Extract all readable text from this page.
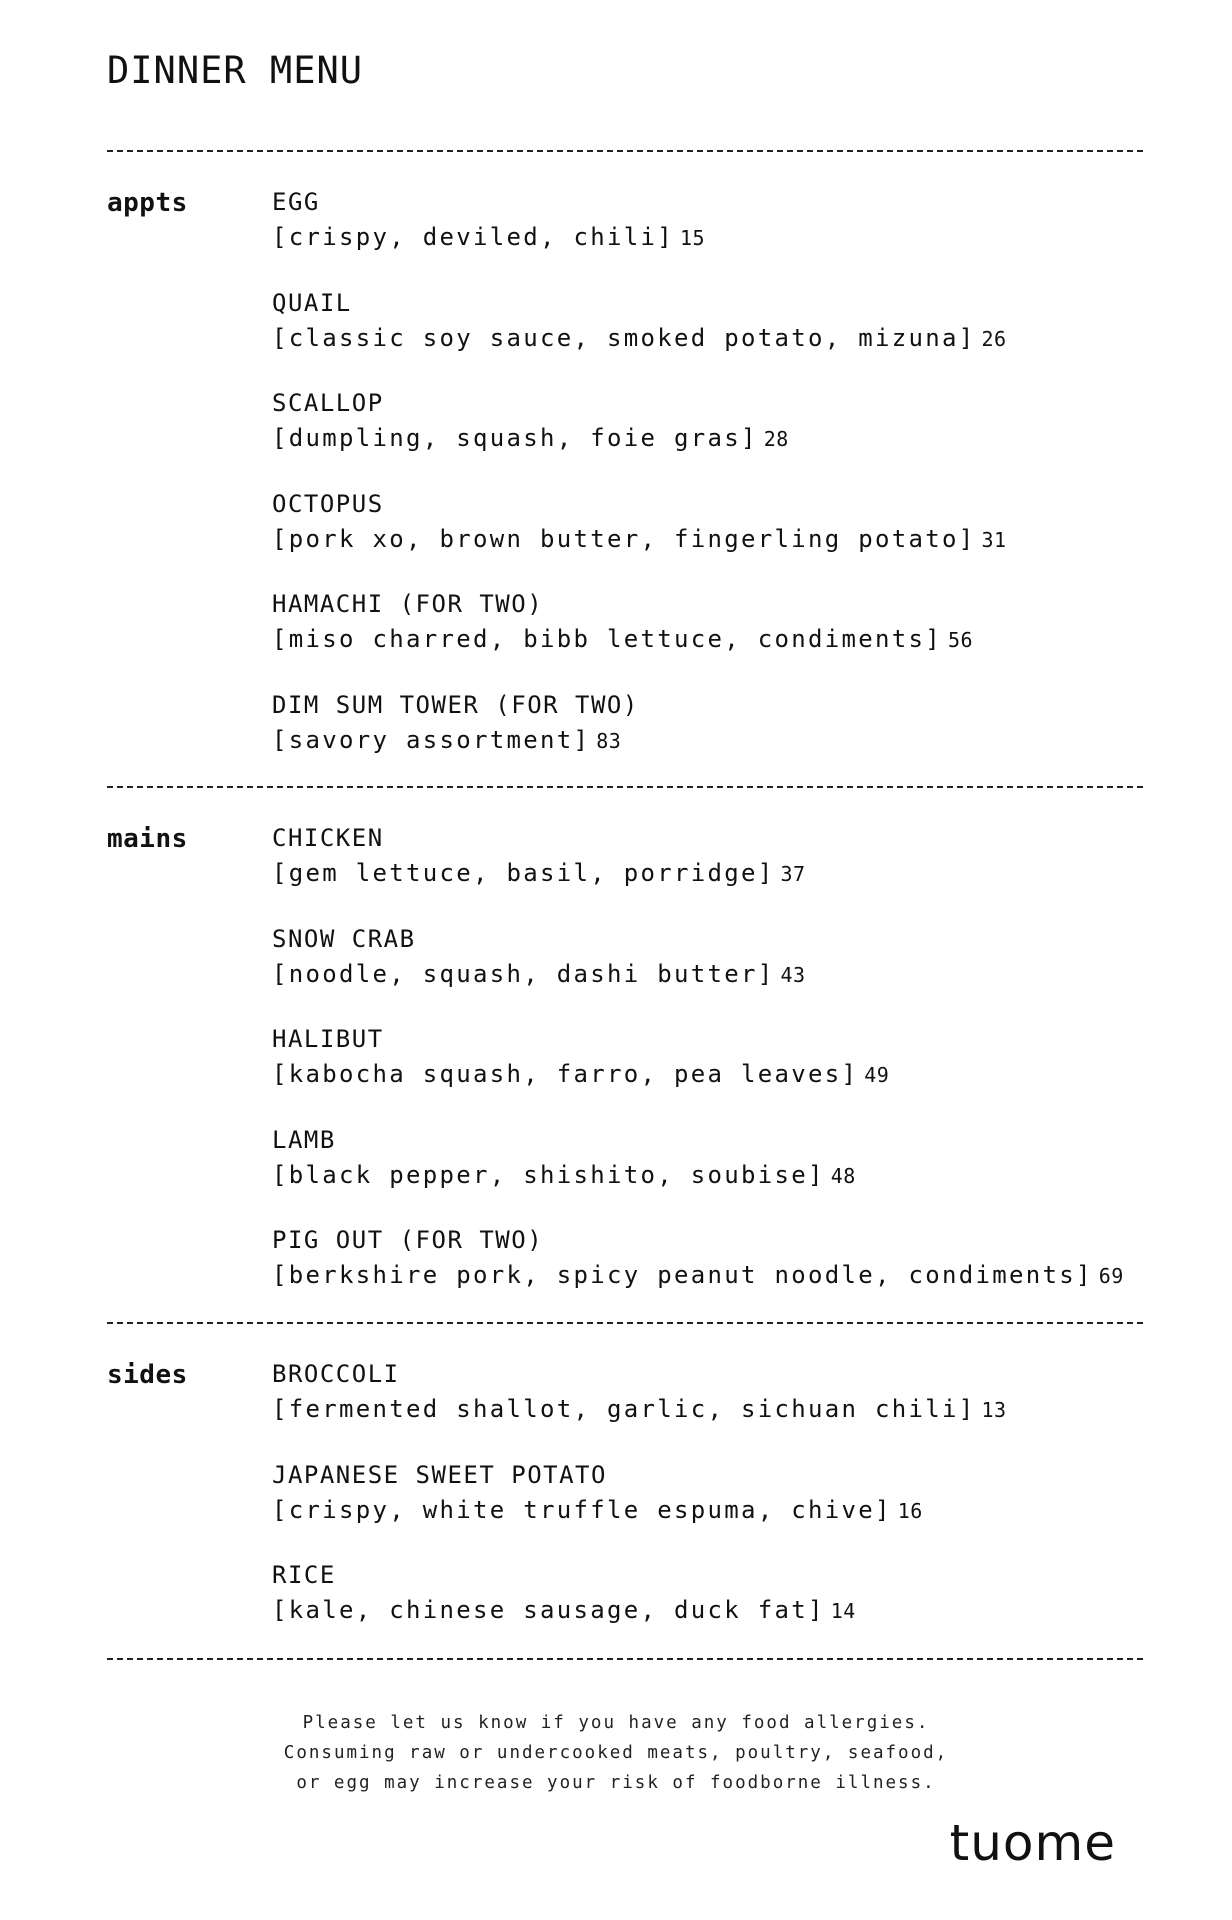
DINNER MENU
appts	EGG
[crispy, deviled, chili] 15
QUAIL
[classic soy sauce, smoked potato, mizuna] 26
SCALLOP
[dumpling, squash, foie gras] 28
OCTOPUS
[pork xo, brown butter, fingerling potato] 31
HAMACHI (FOR TWO)
[miso charred, bibb lettuce, condiments] 56
DIM SUM TOWER (FOR TWO)
[savory assortment] 83
mains	CHICKEN
[gem lettuce, basil, porridge] 37
SNOW CRAB
[noodle, squash, dashi butter] 43
HALIBUT
[kabocha squash, farro, pea leaves] 49
LAMB
[black pepper, shishito, soubise] 48
PIG OUT (FOR TWO)
[berkshire pork, spicy peanut noodle, condiments] 69
sides	BROCCOLI
[fermented shallot, garlic, sichuan chili] 13
JAPANESE SWEET POTATO
[crispy, white truffle espuma, chive] 16
RICE
[kale, chinese sausage, duck fat] 14
Please let us know if you have any food allergies.
Consuming raw or undercooked meats, poultry, seafood,
or egg may increase your risk of foodborne illness.
tuome
